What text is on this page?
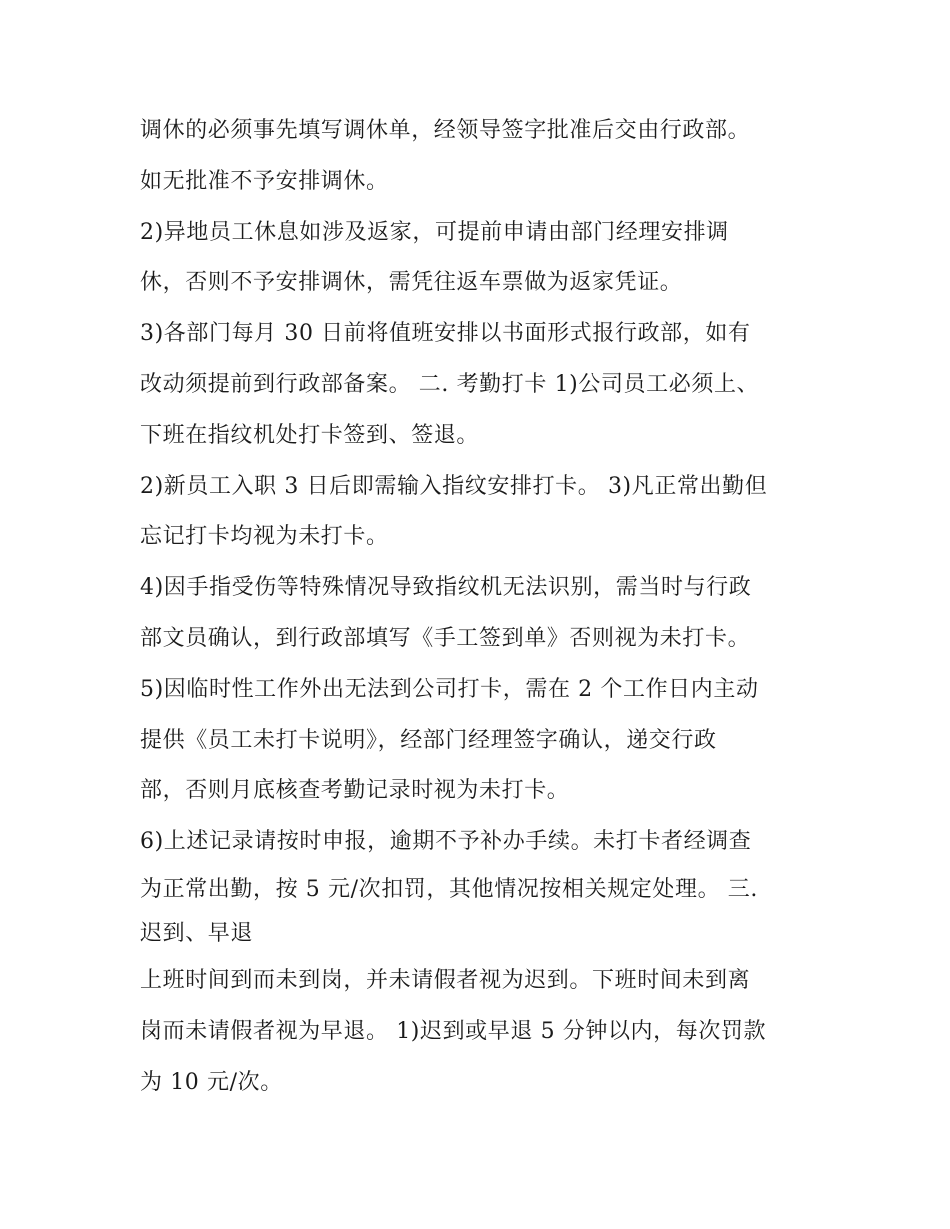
调休的必须事先填写调休单，经领导签字批准后交由行政部。
如无批准不予安排调休。
2)异地员工休息如涉及返家，可提前申请由部门经理安排调
休，否则不予安排调休，需凭往返车票做为返家凭证。
3)各部门每月 30 日前将值班安排以书面形式报行政部，如有
改动须提前到行政部备案。 二. 考勤打卡 1)公司员工必须上、
下班在指纹机处打卡签到、签退。
2)新员工入职 3 日后即需输入指纹安排打卡。 3)凡正常出勤但
忘记打卡均视为未打卡。
4)因手指受伤等特殊情况导致指纹机无法识别，需当时与行政
部文员确认，到行政部填写《手工签到单》否则视为未打卡。
5)因临时性工作外出无法到公司打卡，需在 2 个工作日内主动
提供《员工未打卡说明》，经部门经理签字确认，递交行政
部，否则月底核查考勤记录时视为未打卡。
6)上述记录请按时申报，逾期不予补办手续。未打卡者经调查
为正常出勤，按 5 元/次扣罚，其他情况按相关规定处理。 三.
迟到、早退
上班时间到而未到岗，并未请假者视为迟到。下班时间未到离
岗而未请假者视为早退。 1)迟到或早退 5 分钟以内，每次罚款
为 10 元/次。
